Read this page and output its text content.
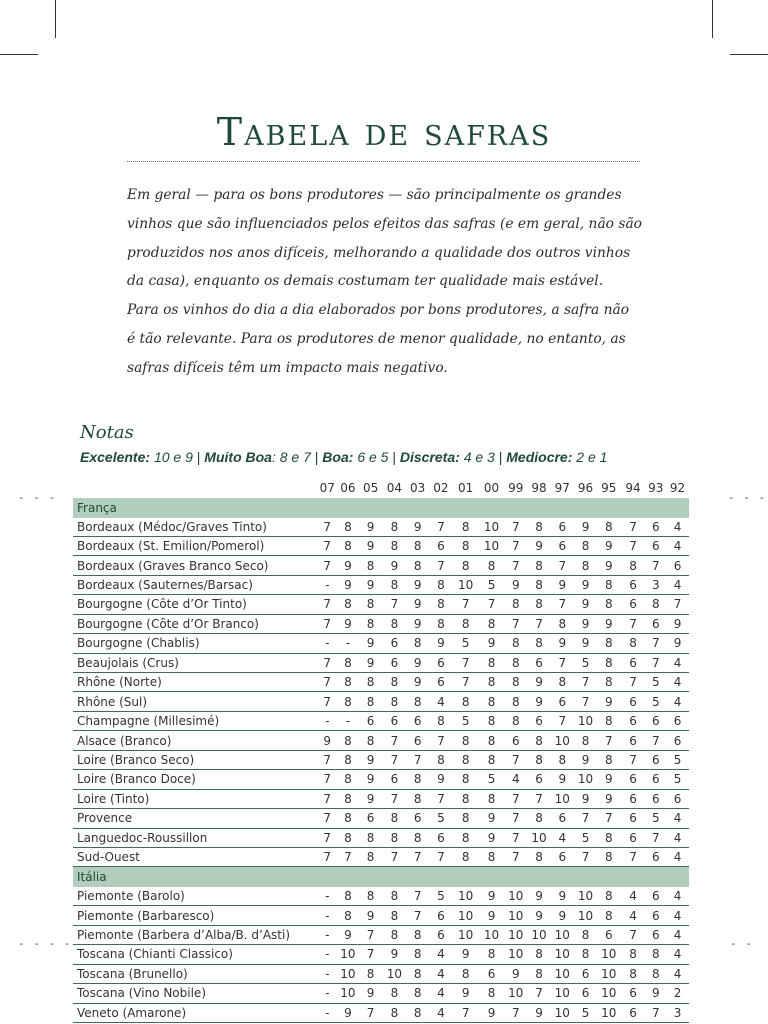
- - -	- - -
- - - -	- -
Tabela de safras

Em geral — para os bons produtores — são principalmente os grandes
vinhos que são influenciados pelos efeitos das safras (e em geral, não são
produzidos nos anos difíceis, melhorando a qualidade dos outros vinhos
da casa), enquanto os demais costumam ter qualidade mais estável.
Para os vinhos do dia a dia elaborados por bons produtores, a safra não
é tão relevante. Para os produtores de menor qualidade, no entanto, as
safras difíceis têm um impacto mais negativo.

Notas
Excelente: 10 e 9 | Muito Boa: 8 e 7 | Boa: 6 e 5 | Discreta: 4 e 3 | Mediocre: 2 e 1
	07	06	05	04	03	02	01	00	99	98	97	96	95	94	93	92
França																
Bordeaux (Médoc/Graves Tinto)	7	8	9	8	9	7	8	10	7	8	6	9	8	7	6	4
Bordeaux (St. Emilion/Pomerol)	7	8	9	8	8	6	8	10	7	9	6	8	9	7	6	4
Bordeaux (Graves Branco Seco)	7	9	8	9	8	7	8	8	7	8	7	8	9	8	7	6
Bordeaux (Sauternes/Barsac)	-	9	9	8	9	8	10	5	9	8	9	9	8	6	3	4
Bourgogne (Côte d’Or Tinto)	7	8	8	7	9	8	7	7	8	8	7	9	8	6	8	7
Bourgogne (Côte d’Or Branco)	7	9	8	8	9	8	8	8	7	7	8	9	9	7	6	9
Bourgogne (Chablis)	-	-	9	6	8	9	5	9	8	8	9	9	8	8	7	9
Beaujolais (Crus)	7	8	9	6	9	6	7	8	8	6	7	5	8	6	7	4
Rhône (Norte)	7	8	8	8	9	6	7	8	8	9	8	7	8	7	5	4
Rhône (Sul)	7	8	8	8	8	4	8	8	8	9	6	7	9	6	5	4
Champagne (Millesimé)	-	-	6	6	6	8	5	8	8	6	7	10	8	6	6	6
Alsace (Branco)	9	8	8	7	6	7	8	8	6	8	10	8	7	6	7	6
Loire (Branco Seco)	7	8	9	7	7	8	8	8	7	8	8	9	8	7	6	5
Loire (Branco Doce)	7	8	9	6	8	9	8	5	4	6	9	10	9	6	6	5
Loire (Tinto)	7	8	9	7	8	7	8	8	7	7	10	9	9	6	6	6
Provence	7	8	6	8	6	5	8	9	7	8	6	7	7	6	5	4
Languedoc-Roussillon	7	8	8	8	8	6	8	9	7	10	4	5	8	6	7	4
Sud-Ouest	7	7	8	7	7	7	8	8	7	8	6	7	8	7	6	4
Itália																
Piemonte (Barolo)	-	8	8	8	7	5	10	9	10	9	9	10	8	4	6	4
Piemonte (Barbaresco)	-	8	9	8	7	6	10	9	10	9	9	10	8	4	6	4
Piemonte (Barbera d’Alba/B. d’Asti)	-	9	7	8	8	6	10	10	10	10	10	8	6	7	6	4
Toscana (Chianti Classico)	-	10	7	9	8	4	9	8	10	8	10	8	10	8	8	4
Toscana (Brunello)	-	10	8	10	8	4	8	6	9	8	10	6	10	8	8	4
Toscana (Vino Nobile)	-	10	9	8	8	4	9	8	10	7	10	6	10	6	9	2
Veneto (Amarone)	-	9	7	8	8	4	7	9	7	9	10	5	10	6	7	3
